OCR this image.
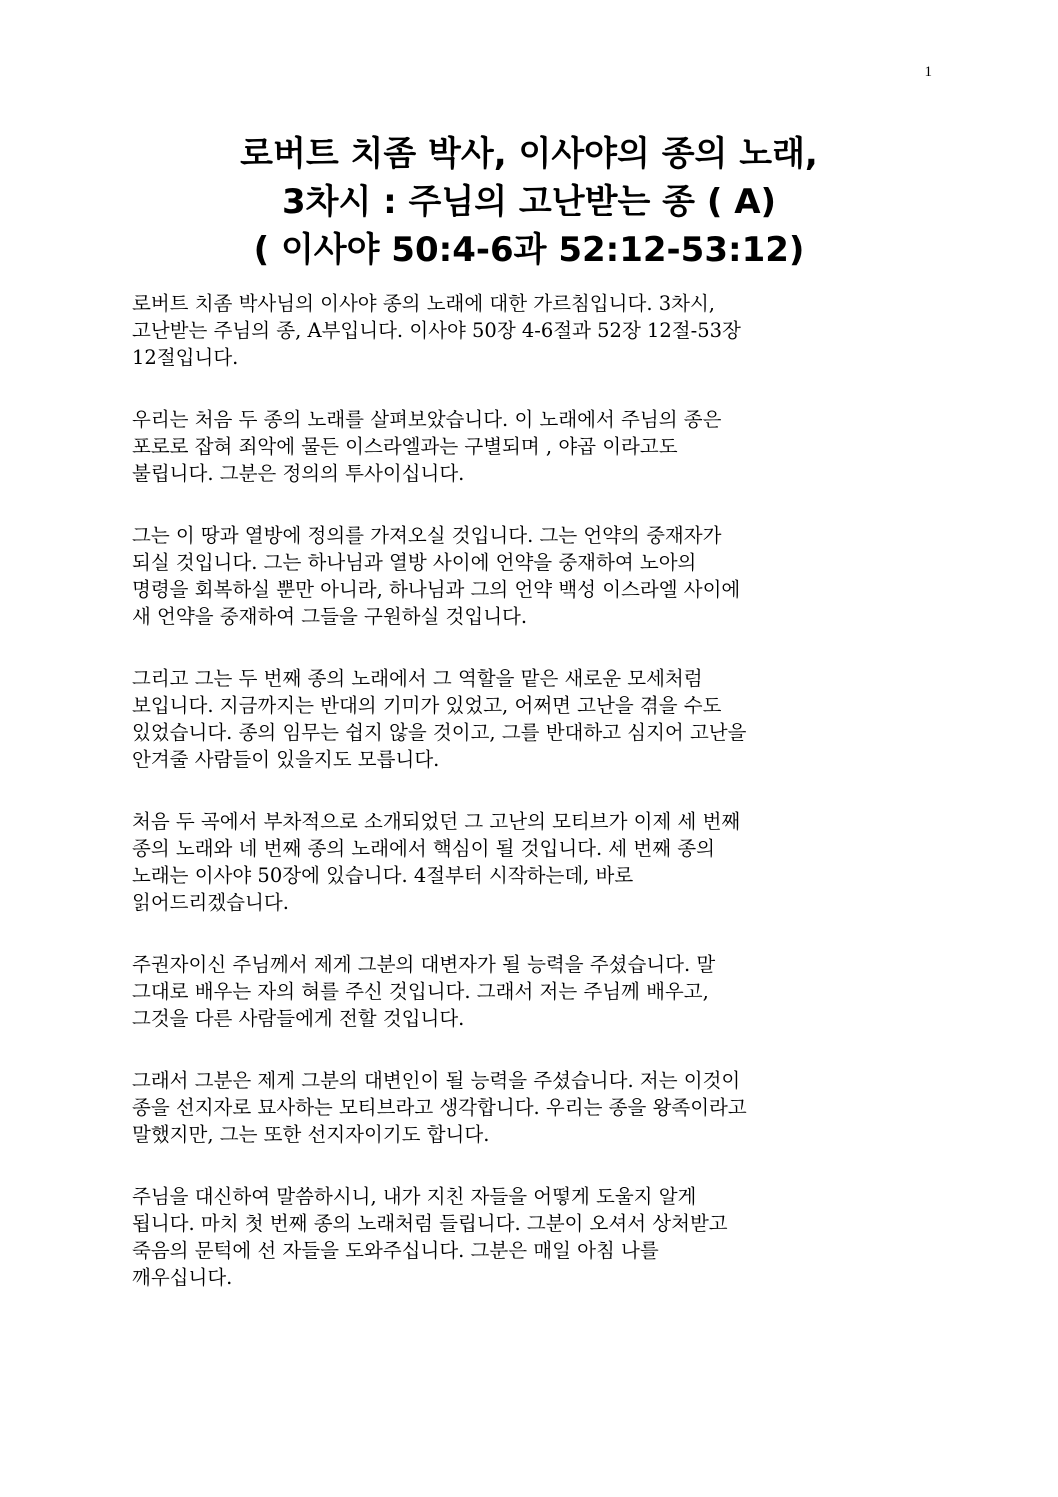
1
로버트 치좀 박사, 이사야의 종의 노래,
3차시 : 주님의 고난받는 종 ( A)
( 이사야 50:4-6과 52:12-53:12)

로버트 치좀 박사님의 이사야 종의 노래에 대한 가르침입니다. 3차시,
고난받는 주님의 종, A부입니다. 이사야 50장 4-6절과 52장 12절-53장
12절입니다.

우리는 처음 두 종의 노래를 살펴보았습니다. 이 노래에서 주님의 종은
포로로 잡혀 죄악에 물든 이스라엘과는 구별되며 , 야곱 이라고도
불립니다. 그분은 정의의 투사이십니다.

그는 이 땅과 열방에 정의를 가져오실 것입니다. 그는 언약의 중재자가
되실 것입니다. 그는 하나님과 열방 사이에 언약을 중재하여 노아의
명령을 회복하실 뿐만 아니라, 하나님과 그의 언약 백성 이스라엘 사이에
새 언약을 중재하여 그들을 구원하실 것입니다.

그리고 그는 두 번째 종의 노래에서 그 역할을 맡은 새로운 모세처럼
보입니다. 지금까지는 반대의 기미가 있었고, 어쩌면 고난을 겪을 수도
있었습니다. 종의 임무는 쉽지 않을 것이고, 그를 반대하고 심지어 고난을
안겨줄 사람들이 있을지도 모릅니다.

처음 두 곡에서 부차적으로 소개되었던 그 고난의 모티브가 이제 세 번째
종의 노래와 네 번째 종의 노래에서 핵심이 될 것입니다. 세 번째 종의
노래는 이사야 50장에 있습니다. 4절부터 시작하는데, 바로
읽어드리겠습니다.

주권자이신 주님께서 제게 그분의 대변자가 될 능력을 주셨습니다. 말
그대로 배우는 자의 혀를 주신 것입니다. 그래서 저는 주님께 배우고,
그것을 다른 사람들에게 전할 것입니다.

그래서 그분은 제게 그분의 대변인이 될 능력을 주셨습니다. 저는 이것이
종을 선지자로 묘사하는 모티브라고 생각합니다. 우리는 종을 왕족이라고
말했지만, 그는 또한 선지자이기도 합니다.

주님을 대신하여 말씀하시니, 내가 지친 자들을 어떻게 도울지 알게
됩니다. 마치 첫 번째 종의 노래처럼 들립니다. 그분이 오셔서 상처받고
죽음의 문턱에 선 자들을 도와주십니다. 그분은 매일 아침 나를
깨우십니다.
